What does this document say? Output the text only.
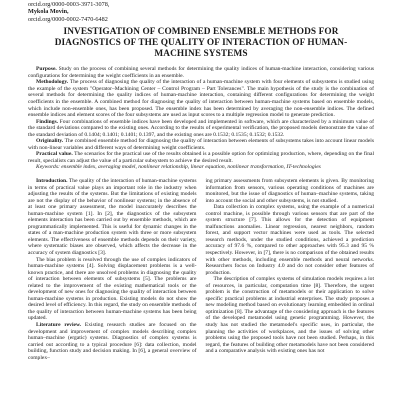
orcid.org/0000-0003-3971-3078,
Mykola Movin,
orcid.org/0000-0002-7470-6482
INVESTIGATION OF COMBINED ENSEMBLE METHODS FOR DIAGNOSTICS OF THE QUALITY OF INTERACTION OF HUMAN-MACHINE SYSTEMS

Purpose. Study on the process of combining several methods for determining the quality indices of human-machine interaction, considering various configurations for determining the weight coefficients in an ensemble.

Methodology. The process of diagnosing the quality of the interaction of a human-machine system with four elements of subsystems is studied using the example of the system "Operator–Machining Center – Control Program – Part Tolerances". The main hypothesis of the study is the combination of several methods for determining the quality indices of human-machine interaction, containing different configurations for determining the weight coefficients in the ensemble. A combined method for diagnosing the quality of interaction between human-machine systems based on ensemble models, which include non-ensemble ones, has been proposed. The ensemble index has been determined by averaging the non-ensemble indices. The defined ensemble indices and element scores of the four subsystems are used as input scores to a multiple regression model to generate prediction.

Findings. Four combinations of ensemble indices have been developed and implemented in software, which are characterized by a minimum value of the standard deviations compared to the existing ones. According to the results of experimental verification, the proposed models demonstrate the value of the standard deviation of 0.1404; 0.1401; 0.1401; 0.1397, and the existing ones are 0.1532; 0.1535; 0.1532; 0.1532.

Originality. The combined ensemble method for diagnosing the quality of interaction between elements of subsystems takes into account linear models with non-linear variables and different ways of determining weight coefficients.

Practical value. The scenarios for the practical use of the results obtained is a possible option for optimizing production, where, depending on the final result, specialists can adjust the value of a particular subsystem to achieve the desired result.

Keywords: ensemble index, averaging model, nonlinear relationship, linear equation, nonlinear transformation, IT-technologies

Introduction. The quality of the interaction of human-machine systems in terms of practical value plays an important role in the industry when adjusting the results of the systems. But the limitations of existing models are not the display of the behavior of nonlinear systems; in the absence of at least one primary assessment, the model inaccurately describes the human-machine system [1]. In [2], the diagnostics of the subsystem elements interaction has been carried out by ensemble methods, which are programmatically implemented. This is useful for dynamic changes in the states of a man-machine production system with three or more subsystem elements. The effectiveness of ensemble methods depends on their variety, where systematic biases are observed, which affects the decrease in the accuracy of system diagnostics [3].

The bias problem is resolved through the use of complex indicators of human-machine systems [4]. Solving displacement problems is a well-known practice, and there are unsolved problems in diagnosing the quality of interaction between elements of subsystems [5]. The problems are related to the improvement of the existing mathematical tools or the development of new ones for diagnosing the quality of interaction between human-machine systems in production. Existing models do not show the desired level of efficiency. In this regard, the study on ensemble methods of the quality of interaction between human-machine systems has been being updated.

Literature review. Existing research studies are focused on the development and improvement of complex models describing complex human–machine (ergatic) systems. Diagnostics of complex systems is carried out according to a typical procedure [6]: data collection, model building, function study and decision making. In [6], a general overview of complex–

ing primary assessments from subsystem elements is given. By monitoring information from sensors, various operating conditions of machines are monitored, but the issue of diagnostics of human–machine systems, taking into account the social and other subsystems, is not studied.

Data collection in complex systems, using the example of a numerical control machine, is possible through various sensors that are part of the system structure [7]. This allows for the detection of equipment malfunctions anomalies. Linear regression, nearest neighbors, random forest, and support vector machines were used as tools. The selected research methods, under the studied conditions, achieved a prediction accuracy of 97.6 %, compared to other approaches with 95.3 and 95 % respectively. However, in [7], there is no comparison of the obtained results with other methods, including ensemble methods and neural networks. Researchers focus on Industry 4.0 and do not consider other features of production.

The description of complex systems of simulation models requires a lot of resources, in particular, computation time [8]. Therefore, the urgent problem is the construction of metamodels or their application to solve specific practical problems at industrial enterprises. The study proposes a new modeling method based on evolutionary learning embedded in ordinal optimization [8]. The advantage of the considering approach is the features of the developed metamodel using genetic programming. However, the study has not studied the metamodel's specific uses, in particular, the planning the activities of workplaces, and the issues of solving other problems using the proposed tools have not been studied. Perhaps, in this regard, the features of building other metamodels have not been considered and a comparative analysis with existing ones has not
